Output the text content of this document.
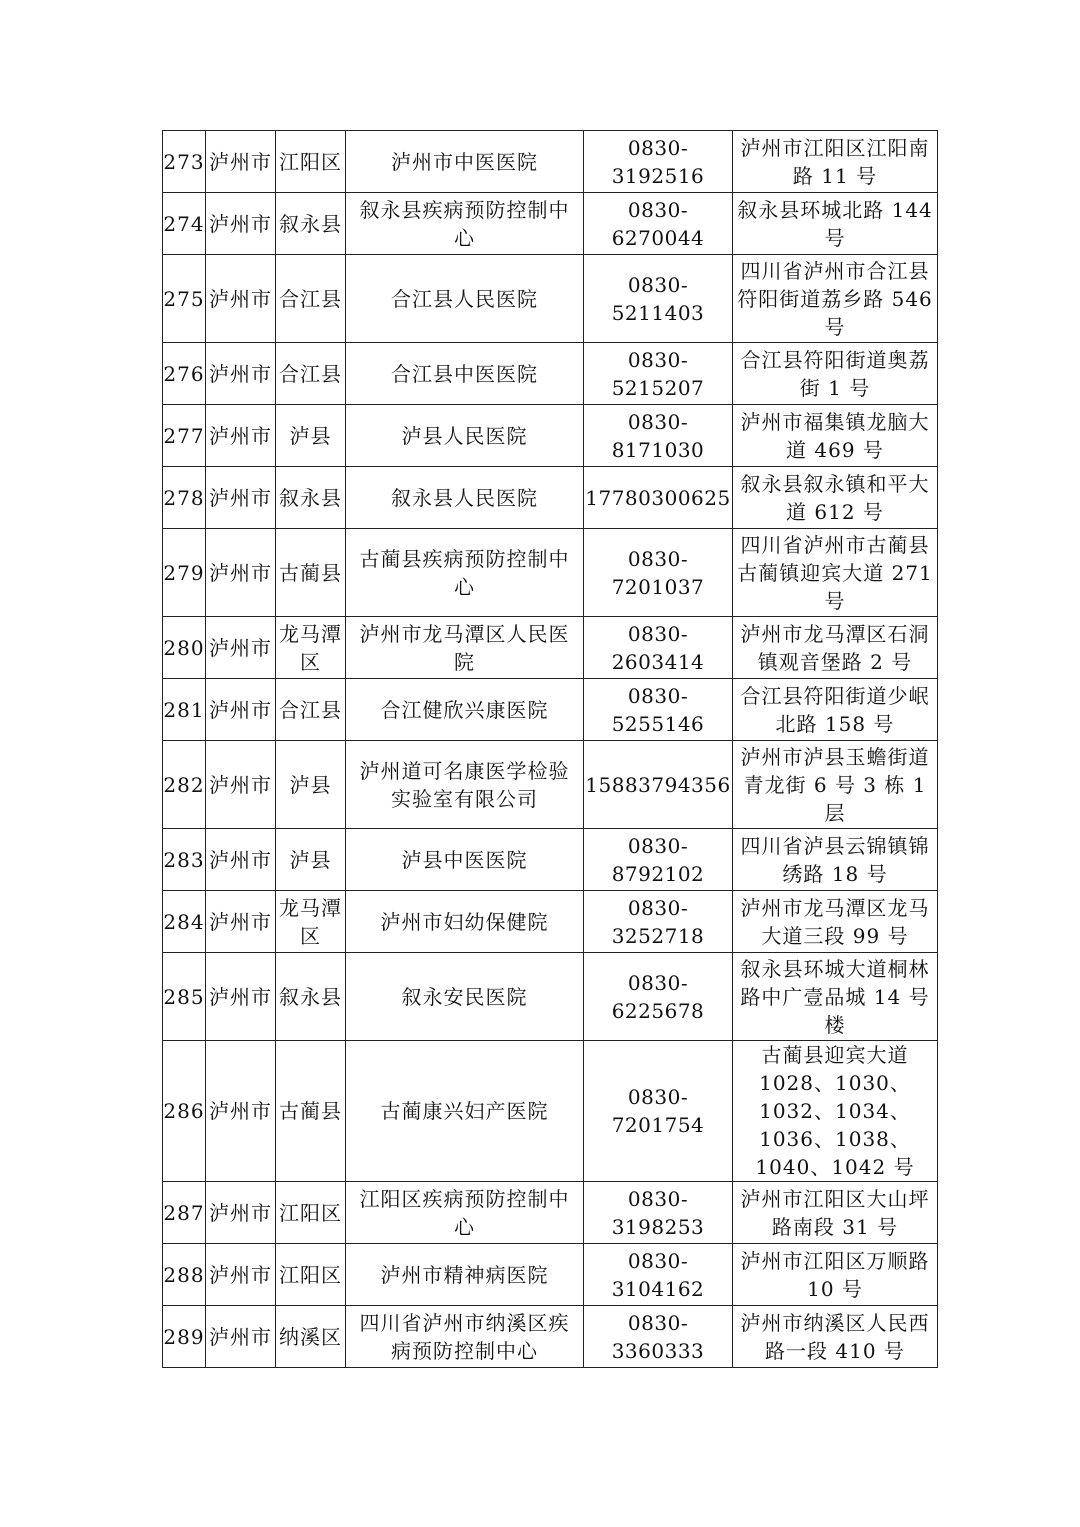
273	泸州市	江阳区	泸州市中医医院	0830-3192516	泸州市江阳区江阳南路 11 号
274	泸州市	叙永县	叙永县疾病预防控制中心	0830-6270044	叙永县环城北路 144 号
275	泸州市	合江县	合江县人民医院	0830-5211403	四川省泸州市合江县符阳街道荔乡路 546 号
276	泸州市	合江县	合江县中医医院	0830-5215207	合江县符阳街道奥荔街 1 号
277	泸州市	泸县	泸县人民医院	0830-8171030	泸州市福集镇龙脑大道 469 号
278	泸州市	叙永县	叙永县人民医院	17780300625	叙永县叙永镇和平大道 612 号
279	泸州市	古蔺县	古蔺县疾病预防控制中心	0830-7201037	四川省泸州市古蔺县古蔺镇迎宾大道 271 号
280	泸州市	龙马潭区	泸州市龙马潭区人民医院	0830-2603414	泸州市龙马潭区石洞镇观音堡路 2 号
281	泸州市	合江县	合江健欣兴康医院	0830-5255146	合江县符阳街道少岷北路 158 号
282	泸州市	泸县	泸州道可名康医学检验实验室有限公司	15883794356	泸州市泸县玉蟾街道青龙街 6 号 3 栋 1 层
283	泸州市	泸县	泸县中医医院	0830-8792102	四川省泸县云锦镇锦绣路 18 号
284	泸州市	龙马潭区	泸州市妇幼保健院	0830-3252718	泸州市龙马潭区龙马大道三段 99 号
285	泸州市	叙永县	叙永安民医院	0830-6225678	叙永县环城大道桐林路中广壹品城 14 号楼
286	泸州市	古蔺县	古蔺康兴妇产医院	0830-7201754	古蔺县迎宾大道 1028、1030、1032、1034、1036、1038、1040、1042 号
287	泸州市	江阳区	江阳区疾病预防控制中心	0830-3198253	泸州市江阳区大山坪路南段 31 号
288	泸州市	江阳区	泸州市精神病医院	0830-3104162	泸州市江阳区万顺路 10 号
289	泸州市	纳溪区	四川省泸州市纳溪区疾病预防控制中心	0830-3360333	泸州市纳溪区人民西路一段 410 号
